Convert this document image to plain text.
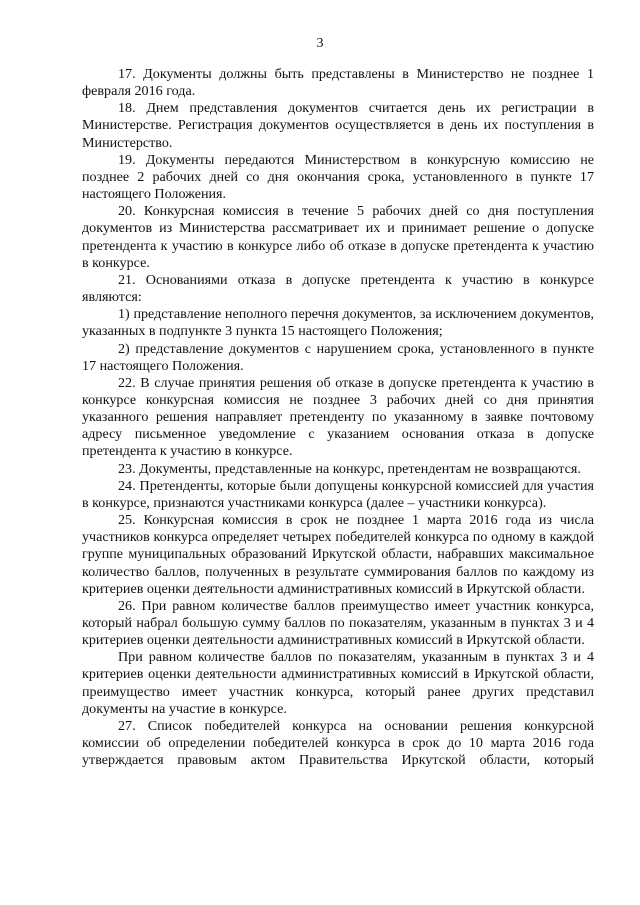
3

17. Документы должны быть представлены в Министерство не позднее 1 февраля 2016 года.

18. Днем представления документов считается день их регистрации в Министерстве. Регистрация документов осуществляется в день их поступления в Министерство.

19. Документы передаются Министерством в конкурсную комиссию не позднее 2 рабочих дней со дня окончания срока, установленного в пункте 17 настоящего Положения.

20. Конкурсная комиссия в течение 5 рабочих дней со дня поступления документов из Министерства рассматривает их и принимает решение о допуске претендента к участию в конкурсе либо об отказе в допуске претендента к участию в конкурсе.

21. Основаниями отказа в допуске претендента к участию в конкурсе являются:

1) представление неполного перечня документов, за исключением документов, указанных в подпункте 3 пункта 15 настоящего Положения;

2) представление документов с нарушением срока, установленного в пункте 17 настоящего Положения.

22. В случае принятия решения об отказе в допуске претендента к участию в конкурсе конкурсная комиссия не позднее 3 рабочих дней со дня принятия указанного решения направляет претенденту по указанному в заявке почтовому адресу письменное уведомление с указанием основания отказа в допуске претендента к участию в конкурсе.

23. Документы, представленные на конкурс, претендентам не возвращаются.

24. Претенденты, которые были допущены конкурсной комиссией для участия в конкурсе, признаются участниками конкурса (далее – участники конкурса).

25. Конкурсная комиссия в срок не позднее 1 марта 2016 года из числа участников конкурса определяет четырех победителей конкурса по одному в каждой группе муниципальных образований Иркутской области, набравших максимальное количество баллов, полученных в результате суммирования баллов по каждому из критериев оценки деятельности административных комиссий в Иркутской области.

26. При равном количестве баллов преимущество имеет участник конкурса, который набрал большую сумму баллов по показателям, указанным в пунктах 3 и 4 критериев оценки деятельности административных комиссий в Иркутской области.

При равном количестве баллов по показателям, указанным в пунктах 3 и 4 критериев оценки деятельности административных комиссий в Иркутской области, преимущество имеет участник конкурса, который ранее других представил документы на участие в конкурсе.

27. Список победителей конкурса на основании решения конкурсной комиссии об определении победителей конкурса в срок до 10 марта 2016 года утверждается правовым актом Правительства Иркутской области, который
